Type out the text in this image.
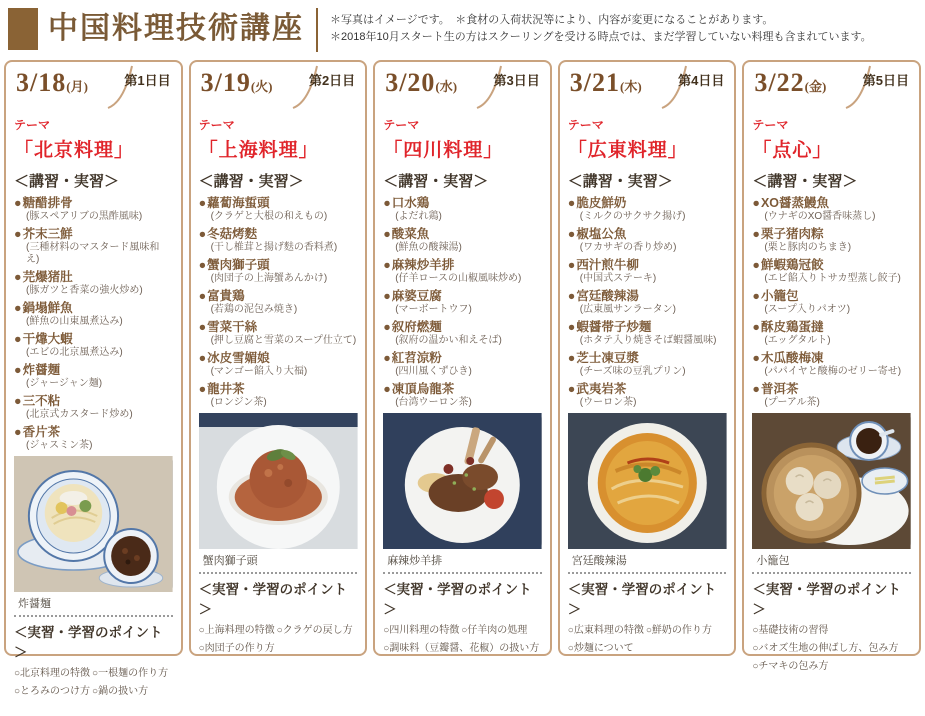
中国料理技術講座 ＊写真はイメージです。　＊食材の入荷状況等により、内容が変更になることがあります。
＊2018年10月スタート生の方はスクーリングを受ける時点では、まだ学習していない料理も含まれています。
3/18(月)	第1日目
テーマ
「北京料理」
＜講習・実習＞
●糖醋排骨
(豚スペアリブの黒酢風味)
●芥末三鮮
(三種材料のマスタード風味和え)
●芫爆猪肚
(豚ガツと香菜の強火炒め)
●鍋塌鮮魚
(鮮魚の山東風煮込み)
●干㸆大蝦
(エビの北京風煮込み)
●炸醤麺
(ジャージャン麺)
●三不粘
(北京式カスタード炒め)
●香片茶
(ジャスミン茶)
炸醤麺
＜実習・学習のポイント＞
○北京料理の特徴 ○一根麺の作り方○とろみのつけ方 ○鍋の扱い方
3/19(火)	第2日目
テーマ
「上海料理」
＜講習・実習＞
●蘿蔔海蜇頭
(クラゲと大根の和えもの)
●冬菇烤麩
(干し椎茸と揚げ麩の香料煮)
●蟹肉獅子頭
(肉団子の上海蟹あんかけ)
●富貴鶏
(若鶏の泥包み焼き)
●雪菜干絲
(押し豆腐と雪菜のスープ仕立て)
●冰皮雪媚娘
(マンゴー餡入り大福)
●龍井茶
(ロンジン茶)
蟹肉獅子頭
＜実習・学習のポイント＞
○上海料理の特徴 ○クラゲの戻し方○肉団子の作り方
3/20(水)	第3日目
テーマ
「四川料理」
＜講習・実習＞
●口水鶏
(よだれ鶏)
●酸菜魚
(鮮魚の酸辣湯)
●麻辣炒羊排
(仔羊ロースの山椒風味炒め)
●麻婆豆腐
(マーボートウフ)
●叙府燃麺
(叙府の温かい和えそば)
●紅苕涼粉
(四川風くずひき)
●凍頂烏龍茶
(台湾ウーロン茶)
麻辣炒羊排
＜実習・学習のポイント＞
○四川料理の特徴 ○仔羊肉の処理○調味料（豆瓣醤、花椒）の扱い方
3/21(木)	第4日目
テーマ
「広東料理」
＜講習・実習＞
●脆皮鮮奶
(ミルクのサクサク揚げ)
●椒塩公魚
(ワカサギの香り炒め)
●西汁煎牛柳
(中国式ステーキ)
●宮廷酸辣湯
(広東風サンラータン)
●蝦醤帯子炒麺
(ホタテ入り焼きそば蝦醤風味)
●芝士凍豆漿
(チーズ味の豆乳プリン)
●武夷岩茶
(ウーロン茶)
宮廷酸辣湯
＜実習・学習のポイント＞
○広東料理の特徴 ○鮮奶の作り方○炒麺について
3/22(金)	第5日目
テーマ
「点心」
＜講習・実習＞
●XO醤蒸鰻魚
(ウナギのXO醤香味蒸し)
●栗子猪肉粽
(栗と豚肉のちまき)
●鮮蝦鶏冠餃
(エビ餡入りトサカ型蒸し餃子)
●小籠包
(スープ入りパオツ)
●酥皮鶏蛋撻
(エッグタルト)
●木瓜酸梅凍
(パパイヤと酸梅のゼリー寄せ)
●普洱茶
(プーアル茶)
小籠包
＜実習・学習のポイント＞
○基礎技術の習得○バオズ生地の伸ばし方、包み方○チマキの包み方
